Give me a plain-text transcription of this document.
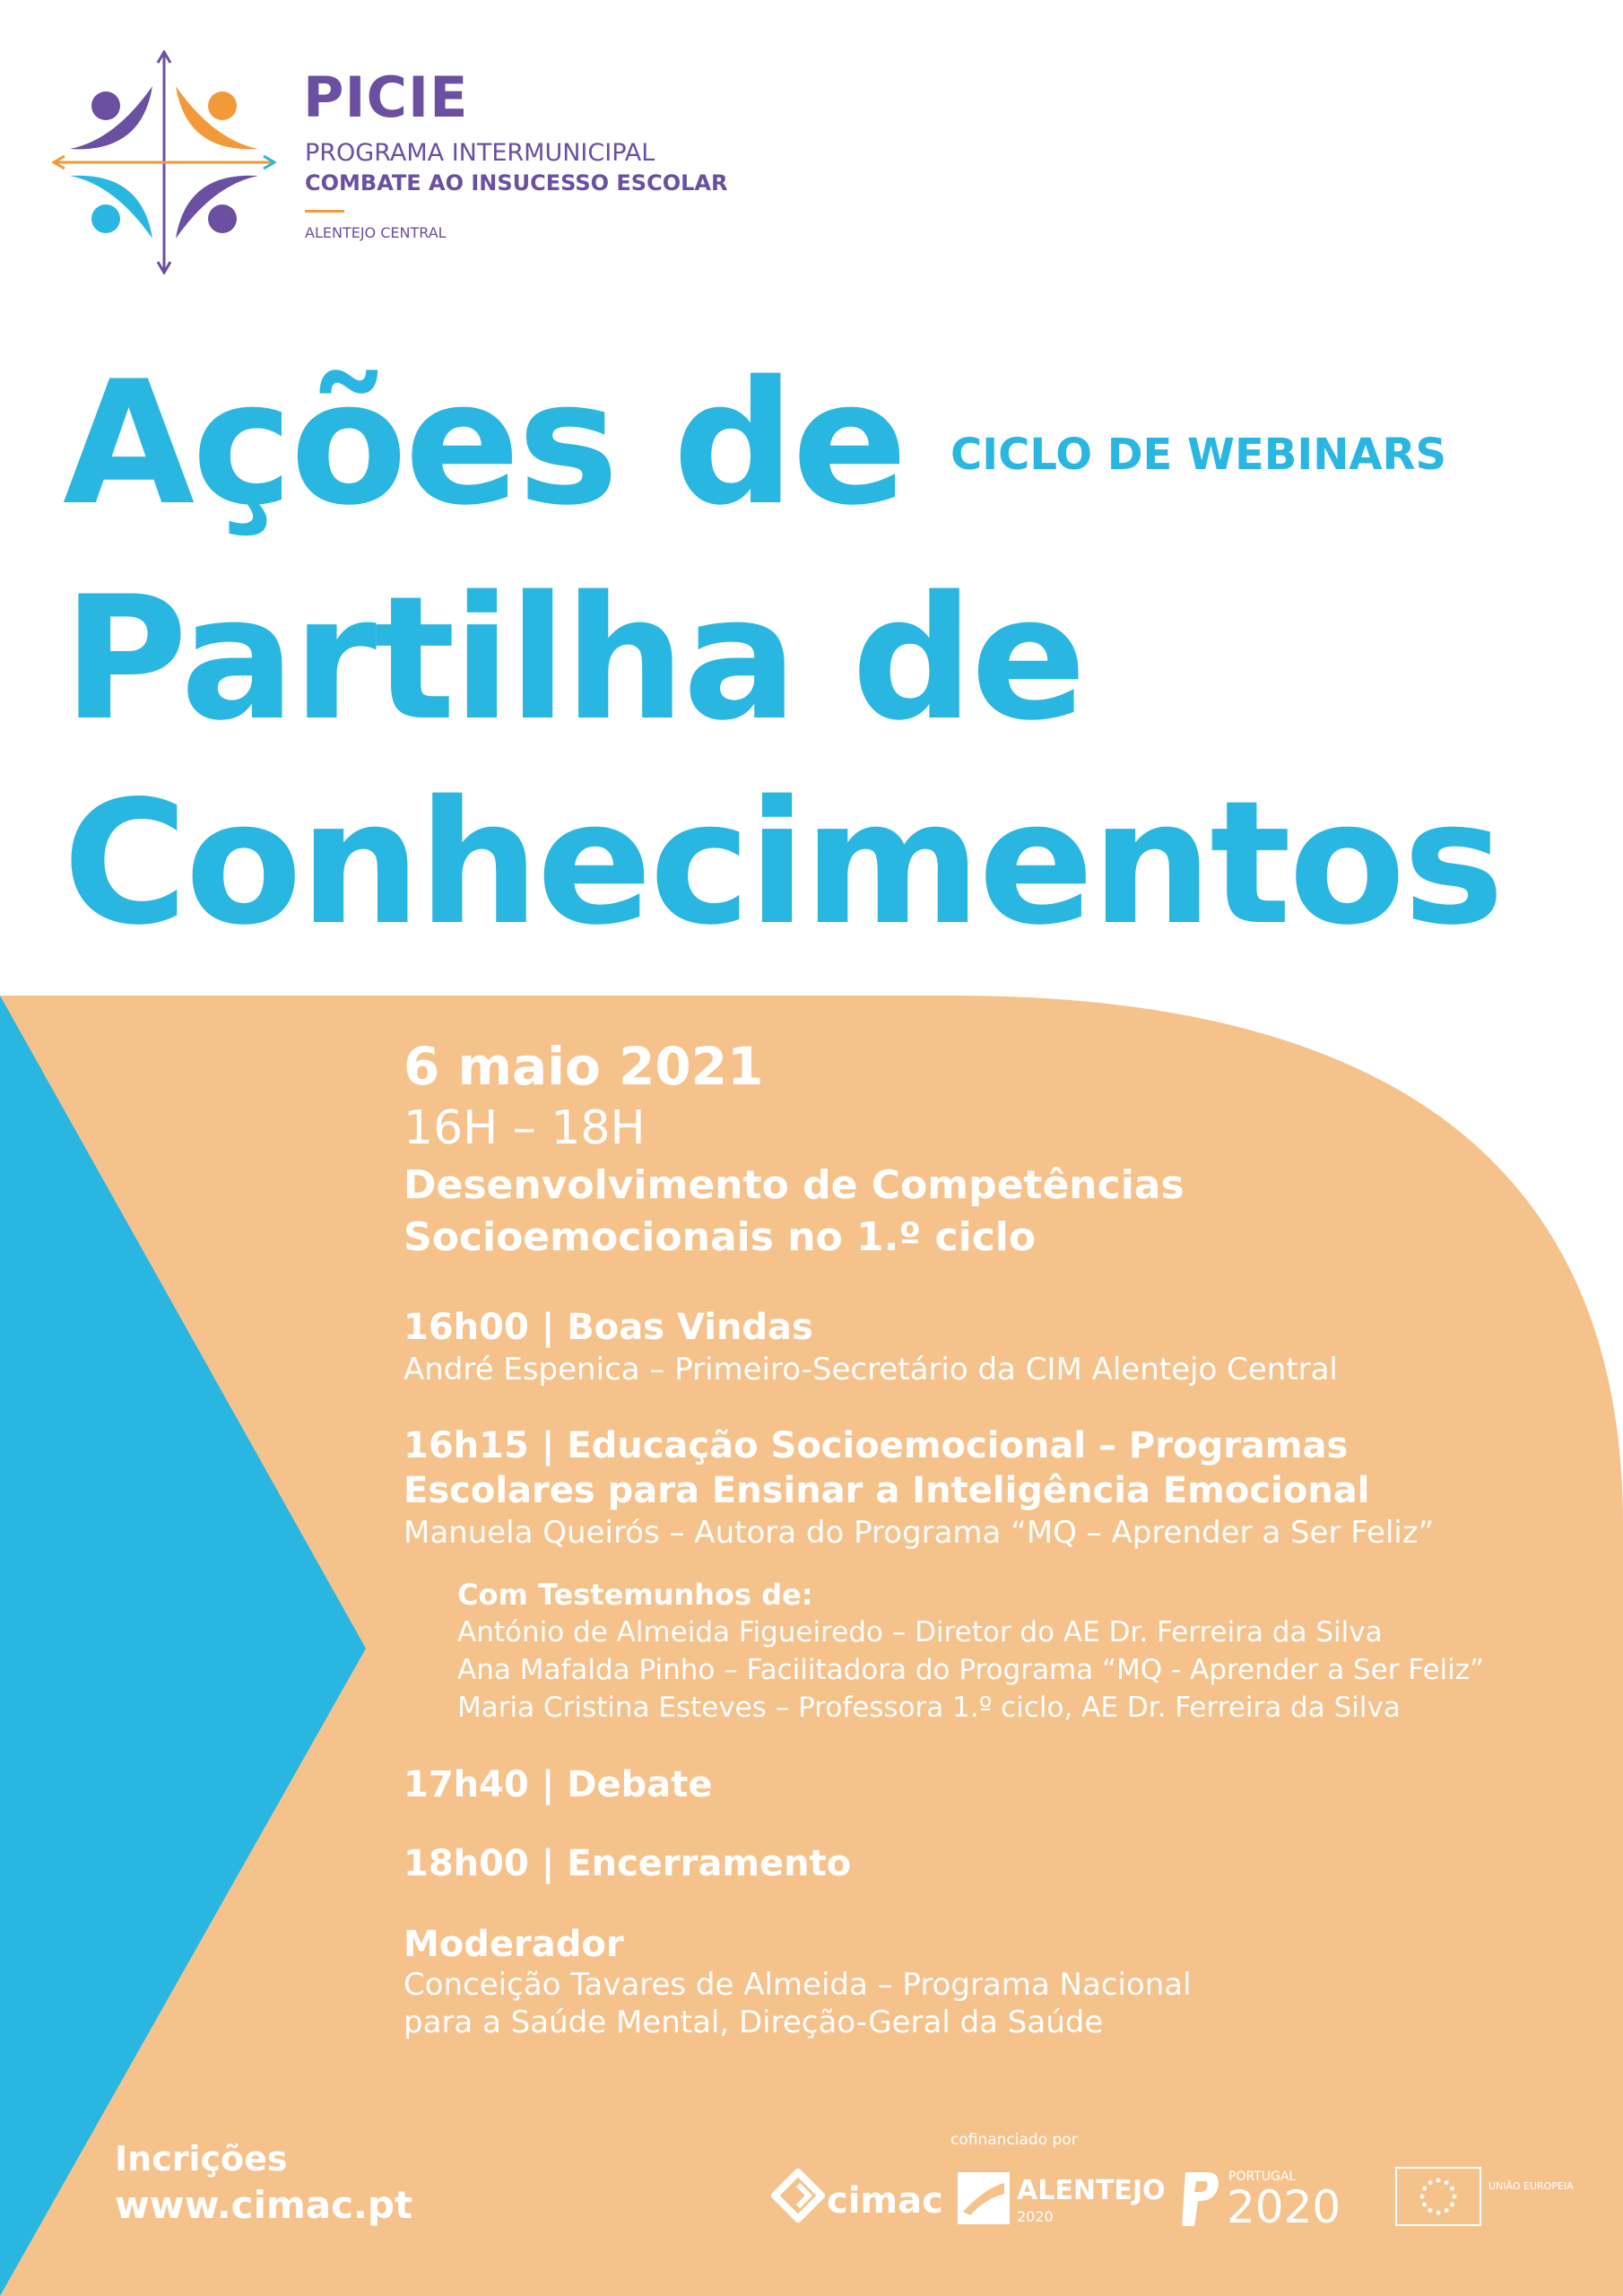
PICIE
PROGRAMA INTERMUNICIPAL
COMBATE AO INSUCESSO ESCOLAR
ALENTEJO CENTRAL
Ações de CICLO DE WEBINARS
Partilha de
Conhecimentos
6 maio 2021
16H – 18H
Desenvolvimento de Competências
Socioemocionais no 1.º ciclo
16h00 | Boas Vindas
André Espenica – Primeiro-Secretário da CIM Alentejo Central
16h15 | Educação Socioemocional – Programas
Escolares para Ensinar a Inteligência Emocional
Manuela Queirós – Autora do Programa “MQ – Aprender a Ser Feliz”
Com Testemunhos de:
António de Almeida Figueiredo – Diretor do AE Dr. Ferreira da Silva
Ana Mafalda Pinho – Facilitadora do Programa “MQ - Aprender a Ser Feliz”
Maria Cristina Esteves – Professora 1.º ciclo, AE Dr. Ferreira da Silva
17h40 | Debate
18h00 | Encerramento
Moderador
Conceição Tavares de Almeida – Programa Nacional
para a Saúde Mental, Direção-Geral da Saúde
Incrições
www.cimac.pt
cofinanciado por
cimac	ALENTEJO
2020
PORTUGAL
2020	UNIÃO EUROPEIA
